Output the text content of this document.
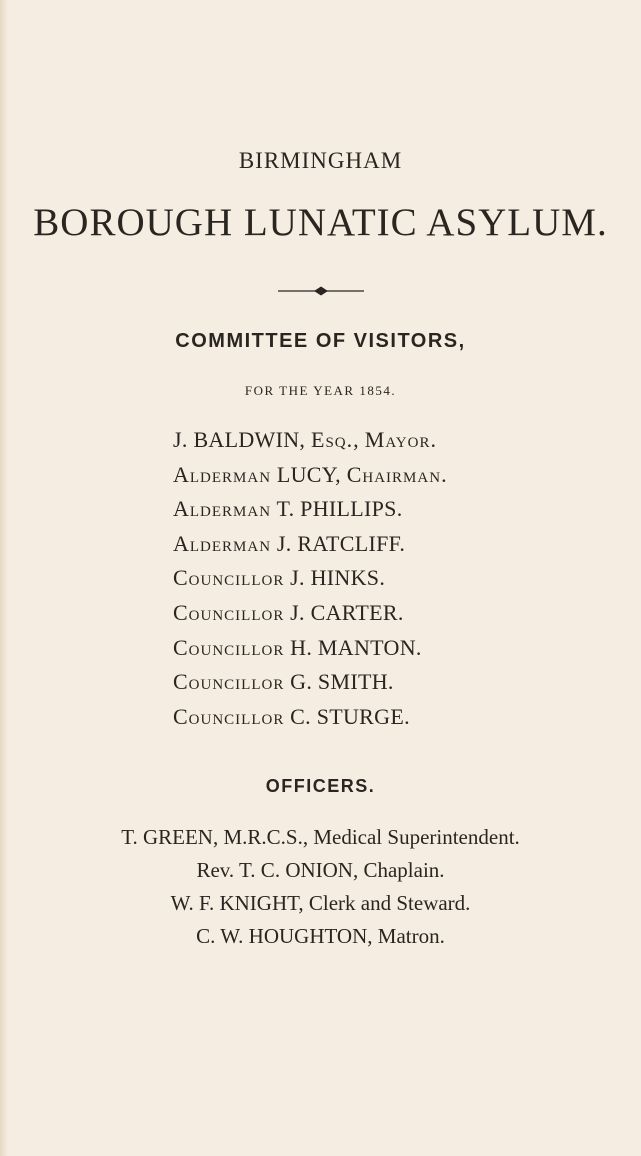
BIRMINGHAM
BOROUGH LUNATIC ASYLUM.
COMMITTEE OF VISITORS,
FOR THE YEAR 1854.
J. BALDWIN, Esq., Mayor.
Alderman LUCY, Chairman.
Alderman T. PHILLIPS.
Alderman J. RATCLIFF.
Councillor J. HINKS.
Councillor J. CARTER.
Councillor H. MANTON.
Councillor G. SMITH.
Councillor C. STURGE.
OFFICERS.
T. GREEN, M.R.C.S., Medical Superintendent.
Rev. T. C. ONION, Chaplain.
W. F. KNIGHT, Clerk and Steward.
C. W. HOUGHTON, Matron.
